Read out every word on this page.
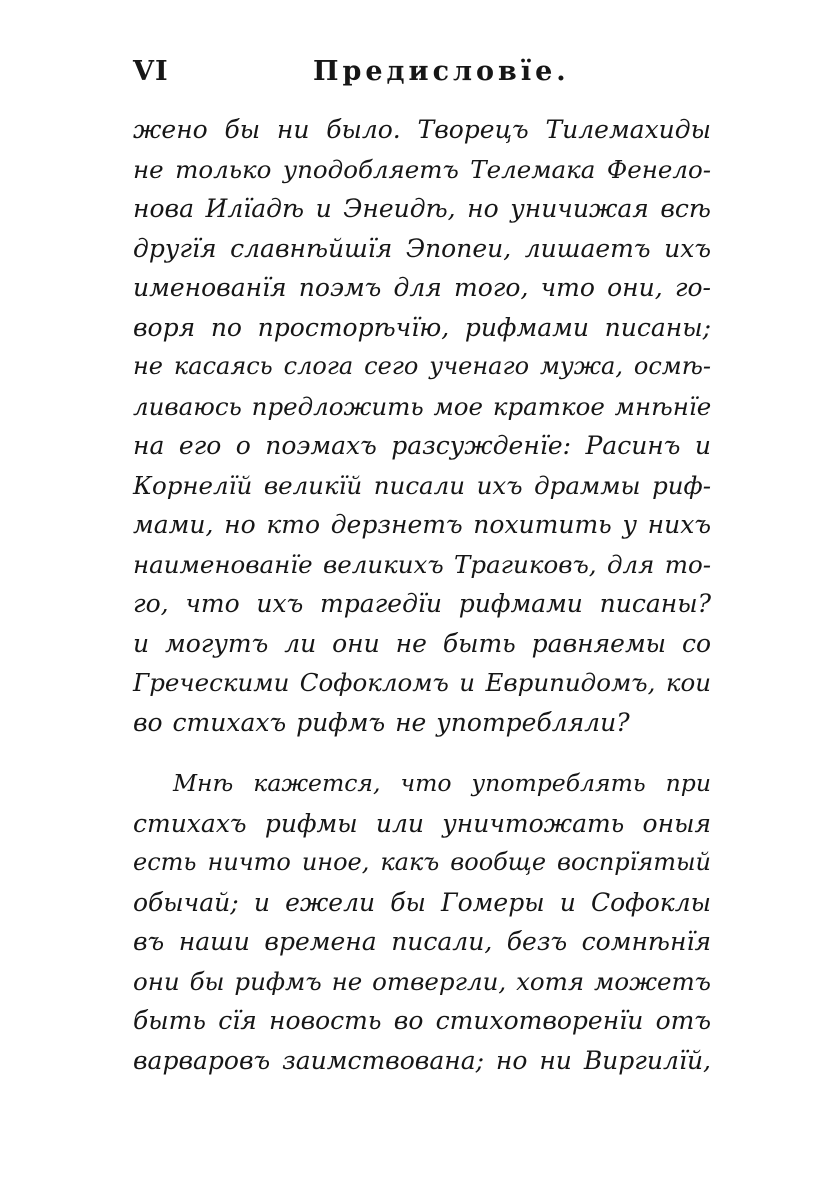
VI	Предисловїе.
жено бы ни было. Творецъ Тилемахиды
не только уподобляетъ Телемака Фенело-
нова Илїадѣ и Энеидѣ, но уничижая всѣ
другїя славнѣйшїя Эпопеи, лишаетъ ихъ
именованїя поэмъ для того, что они, го-
воря по просторѣчїю, рифмами писаны;
не касаясь слога сего ученаго мужа, осмѣ-
ливаюсь предложить мое краткое мнѣнїе
на его о поэмахъ разсужденїе: Расинъ и
Корнелїй великїй писали ихъ драммы риф-
мами, но кто дерзнетъ похитить у нихъ
наименованїе великихъ Трагиковъ, для то-
го, что ихъ трагедїи рифмами писаны?
и могутъ ли они не быть равняемы со
Греческими Софокломъ и Еврипидомъ, кои
во стихахъ рифмъ не употребляли?
Мнѣ кажется, что употреблять при
стихахъ рифмы или уничтожать оныя
есть ничто иное, какъ вообще воспрїятый
обычай; и ежели бы Гомеры и Софоклы
въ наши времена писали, безъ сомнѣнїя
они бы рифмъ не отвергли, хотя можетъ
быть сїя новость во стихотворенїи отъ
варваровъ заимствована; но ни Виргилїй,
